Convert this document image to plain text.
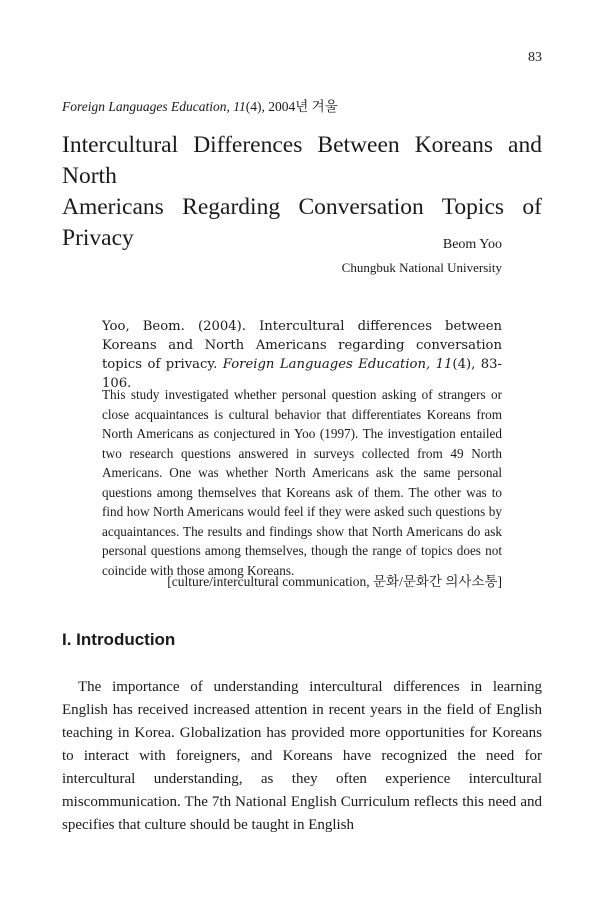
83
Foreign Languages Education, 11(4), 2004년 겨울
Intercultural Differences Between Koreans and North
Americans Regarding Conversation Topics of Privacy	Beom Yoo
Chungbuk National University
Yoo, Beom. (2004). Intercultural differences between Koreans and North Americans regarding conversation topics of privacy. Foreign Languages Education, 11(4), 83-106.
This study investigated whether personal question asking of strangers or close acquaintances is cultural behavior that differentiates Koreans from North Americans as conjectured in Yoo (1997). The investigation entailed two research questions answered in surveys collected from 49 North Americans. One was whether North Americans ask the same personal questions among themselves that Koreans ask of them. The other was to find how North Americans would feel if they were asked such questions by acquaintances. The results and findings show that North Americans do ask personal questions among themselves, though the range of topics does not coincide with those among Koreans.
[culture/intercultural communication, 문화/문화간 의사소통]
I. Introduction
The importance of understanding intercultural differences in learning English has received increased attention in recent years in the field of English teaching in Korea. Globalization has provided more opportunities for Koreans to interact with foreigners, and Koreans have recognized the need for intercultural understanding, as they often experience intercultural miscommunication. The 7th National English Curriculum reflects this need and specifies that culture should be taught in English
